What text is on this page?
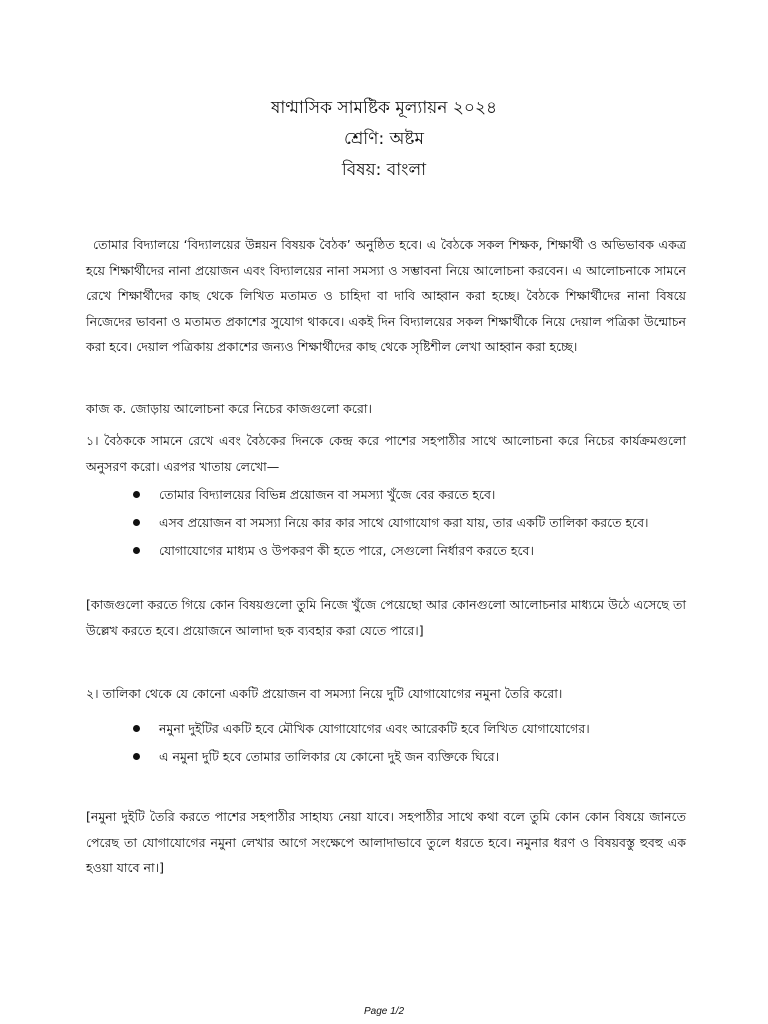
ষাণ্মাসিক সামষ্টিক মূল্যায়ন ২০২৪
শ্রেণি: অষ্টম
বিষয়: বাংলা
তোমার বিদ্যালয়ে ‘বিদ্যালয়ের উন্নয়ন বিষয়ক বৈঠক’ অনুষ্ঠিত হবে। এ বৈঠকে সকল শিক্ষক, শিক্ষার্থী ও অভিভাবক একত্র হয়ে শিক্ষার্থীদের নানা প্রয়োজন এবং বিদ্যালয়ের নানা সমস্যা ও সম্ভাবনা নিয়ে আলোচনা করবেন। এ আলোচনাকে সামনে রেখে শিক্ষার্থীদের কাছ থেকে লিখিত মতামত ও চাহিদা বা দাবি আহ্বান করা হচ্ছে। বৈঠকে শিক্ষার্থীদের নানা বিষয়ে নিজেদের ভাবনা ও মতামত প্রকাশের সুযোগ থাকবে। একই দিন বিদ্যালয়ের সকল শিক্ষার্থীকে নিয়ে দেয়াল পত্রিকা উন্মোচন করা হবে। দেয়াল পত্রিকায় প্রকাশের জন্যও শিক্ষার্থীদের কাছ থেকে সৃষ্টিশীল লেখা আহ্বান করা হচ্ছে।
কাজ ক. জোড়ায় আলোচনা করে নিচের কাজগুলো করো।
১। বৈঠককে সামনে রেখে এবং বৈঠকের দিনকে কেন্দ্র করে পাশের সহপাঠীর সাথে আলোচনা করে নিচের কার্যক্রমগুলো অনুসরণ করো। এরপর খাতায় লেখো—
তোমার বিদ্যালয়ের বিভিন্ন প্রয়োজন বা সমস্যা খুঁজে বের করতে হবে।
এসব প্রয়োজন বা সমস্যা নিয়ে কার কার সাথে যোগাযোগ করা যায়, তার একটি তালিকা করতে হবে।
যোগাযোগের মাধ্যম ও উপকরণ কী হতে পারে, সেগুলো নির্ধারণ করতে হবে।
[কাজগুলো করতে গিয়ে কোন বিষয়গুলো তুমি নিজে খুঁজে পেয়েছো আর কোনগুলো আলোচনার মাধ্যমে উঠে এসেছে তা উল্লেখ করতে হবে। প্রয়োজনে আলাদা ছক ব্যবহার করা যেতে পারে।]
২। তালিকা থেকে যে কোনো একটি প্রয়োজন বা সমস্যা নিয়ে দুটি যোগাযোগের নমুনা তৈরি করো।
নমুনা দুইটির একটি হবে মৌখিক যোগাযোগের এবং আরেকটি হবে লিখিত যোগাযোগের।
এ নমুনা দুটি হবে তোমার তালিকার যে কোনো দুই জন ব্যক্তিকে ঘিরে।
[নমুনা দুইটি তৈরি করতে পাশের সহপাঠীর সাহায্য নেয়া যাবে। সহপাঠীর সাথে কথা বলে তুমি কোন কোন বিষয়ে জানতে পেরেছ তা যোগাযোগের নমুনা লেখার আগে সংক্ষেপে আলাদাভাবে তুলে ধরতে হবে। নমুনার ধরণ ও বিষয়বস্তু হুবহু এক হওয়া যাবে না।]
Page 1/2
